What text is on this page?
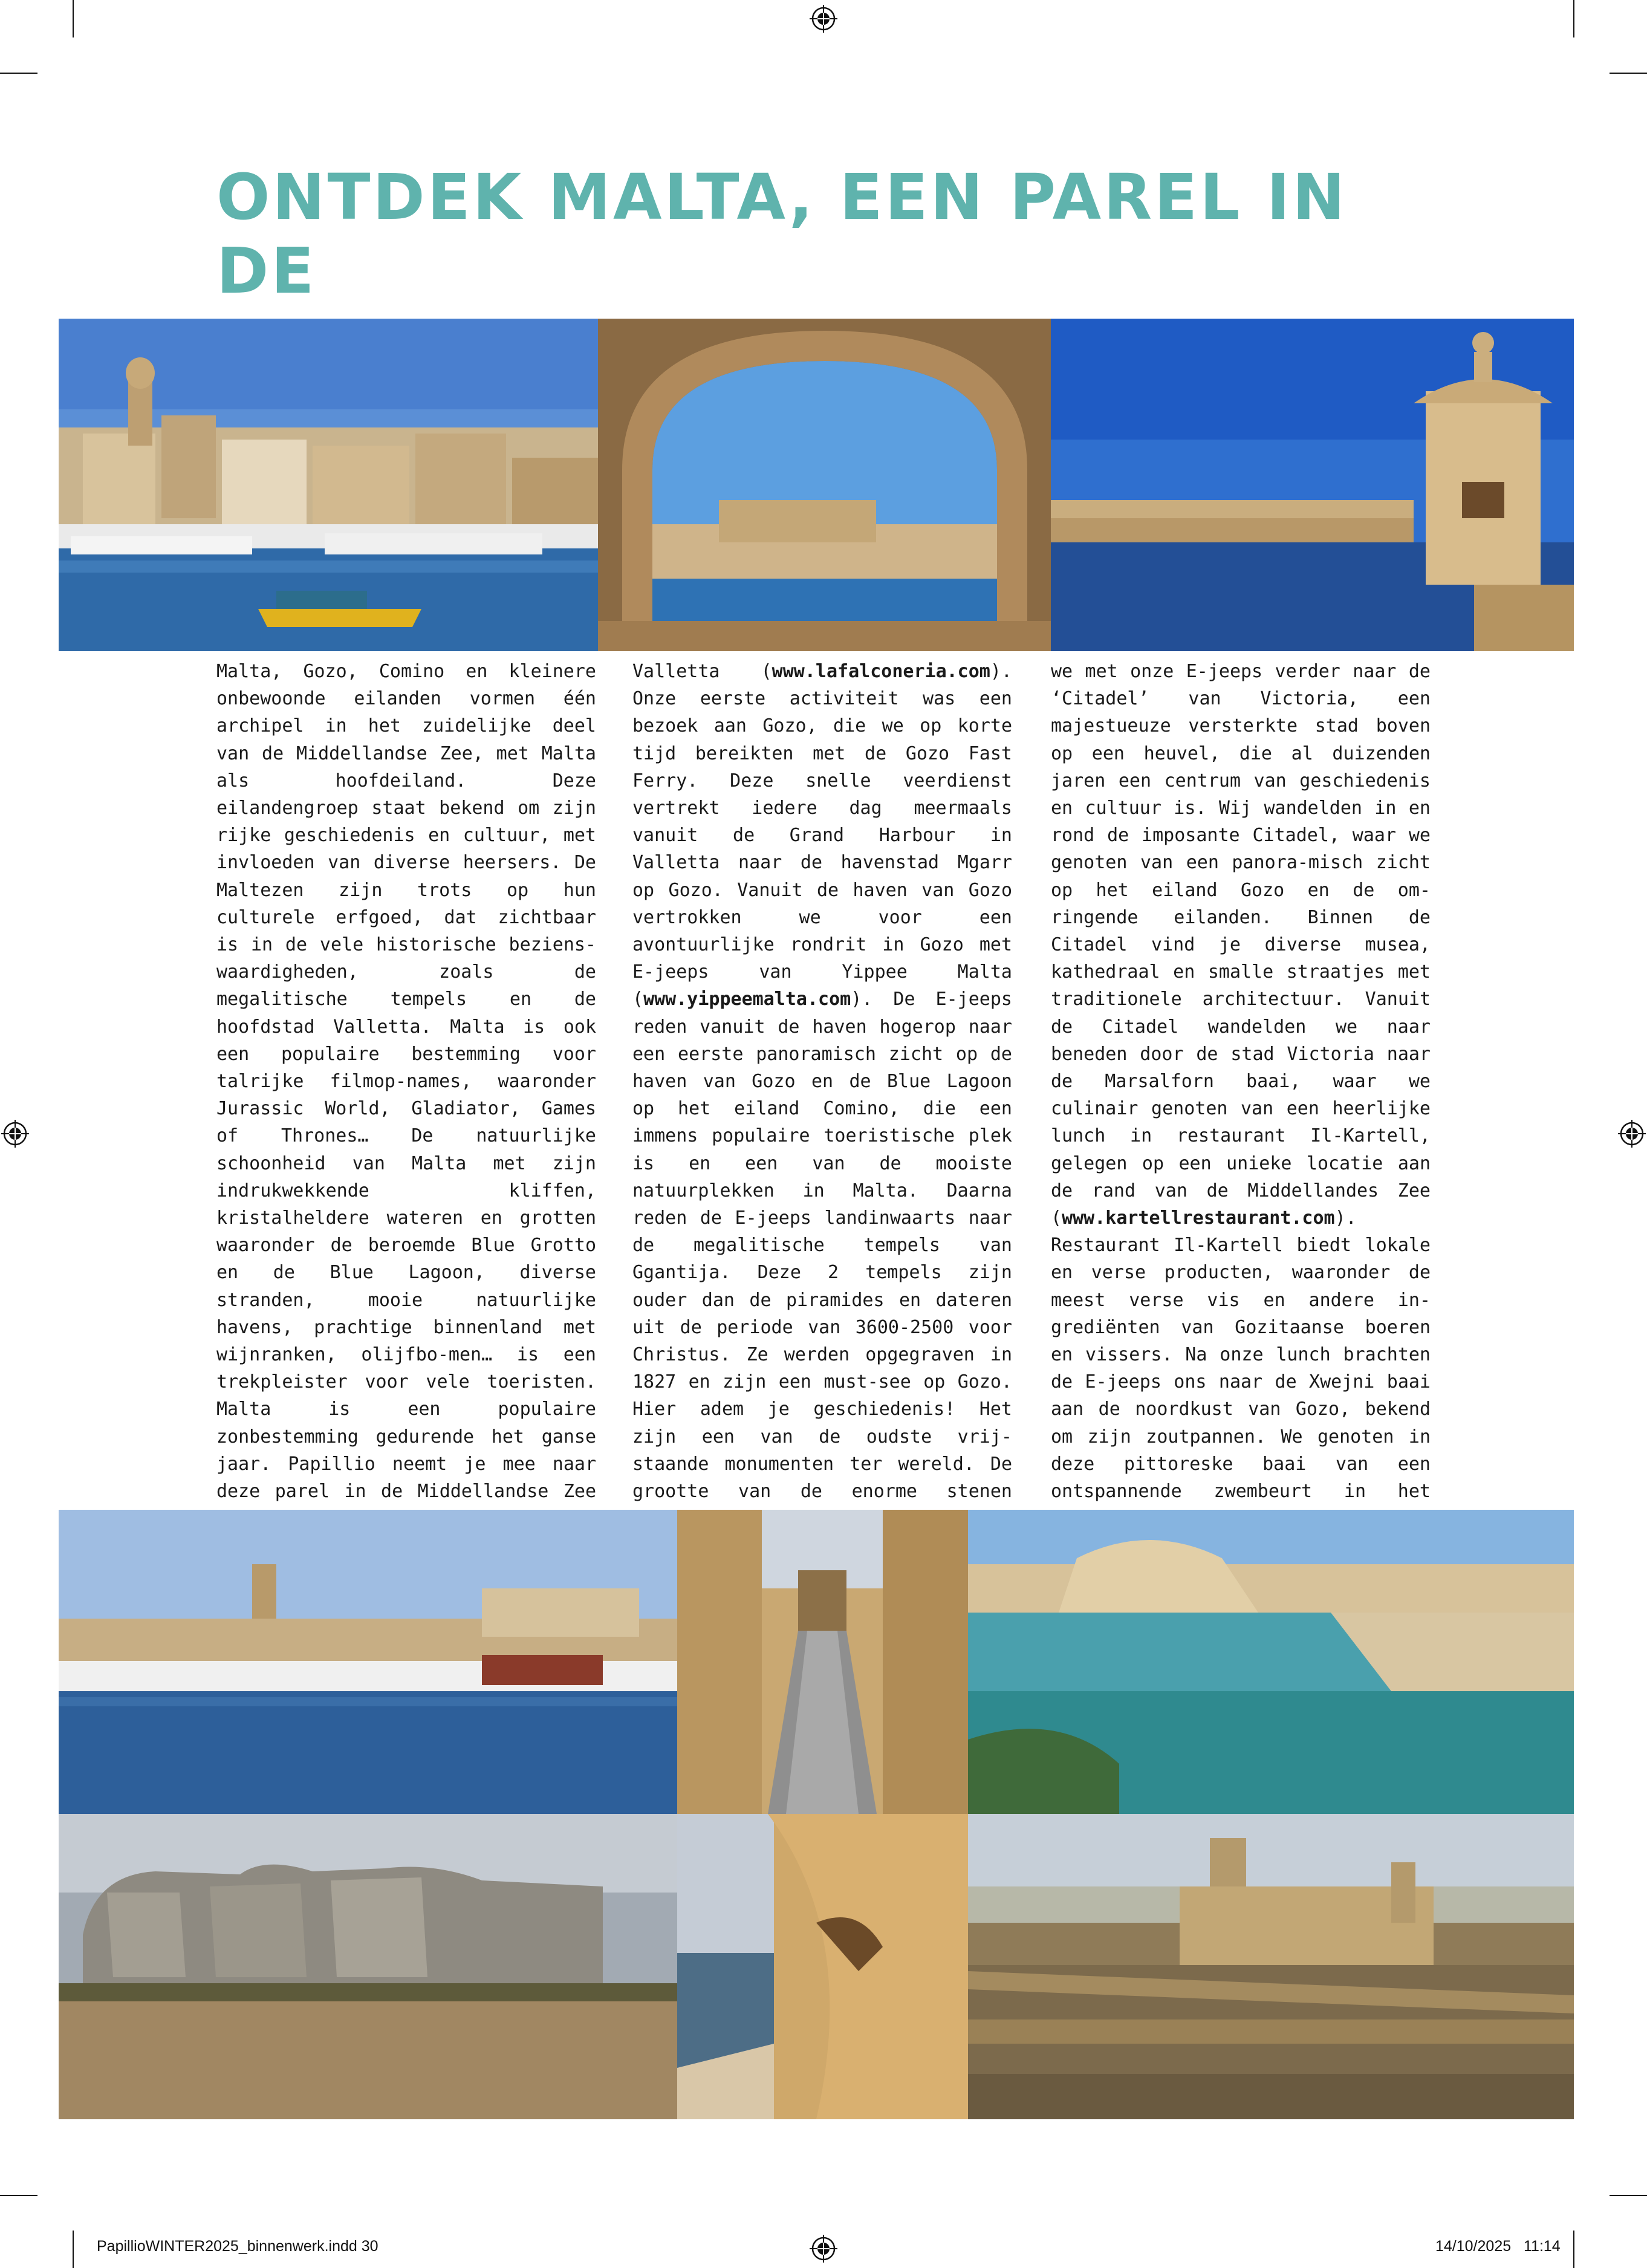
ONTDEK MALTA, EEN PAREL IN DE

Malta, Gozo, Comino en kleinere onbewoonde eilanden vormen één archipel in het zuidelijke deel van de Middellandse Zee, met Malta als hoofdeiland. Deze eilandengroep staat bekend om zijn rijke geschiedenis en cultuur, met invloeden van diverse heersers. De Maltezen zijn trots op hun culturele erfgoed, dat zichtbaar is in de vele historische beziens-waardigheden, zoals de megalitische tempels en de hoofdstad Valletta. Malta is ook een populaire bestemming voor talrijke filmop-names, waaronder Jurassic World, Gladiator, Games of Thrones… De natuurlijke schoonheid van Malta met zijn indrukwekkende kliffen, kristalheldere wateren en grotten waaronder de beroemde Blue Grotto en de Blue Lagoon, diverse stranden, mooie natuurlijke havens, prachtige binnenland met wijnranken, olijfbo-men… is een trekpleister voor vele toeristen. Malta is een populaire zonbestemming gedurende het ganse jaar. Papillio neemt je mee naar deze parel in de Middellandse Zee

Valletta (www.lafalconeria.com). Onze eerste activiteit was een bezoek aan Gozo, die we op korte tijd bereikten met de Gozo Fast Ferry. Deze snelle veerdienst vertrekt iedere dag meermaals vanuit de Grand Harbour in Valletta naar de havenstad Mgarr op Gozo. Vanuit de haven van Gozo vertrokken we voor een avontuurlijke rondrit in Gozo met E-jeeps van Yippee Malta (www.yippeemalta.com). De E-jeeps reden vanuit de haven hogerop naar een eerste panoramisch zicht op de haven van Gozo en de Blue Lagoon op het eiland Comino, die een immens populaire toeristische plek is en een van de mooiste natuurplekken in Malta. Daarna reden de E-jeeps landinwaarts naar de megalitische tempels van Ggantija. Deze 2 tempels zijn ouder dan de piramides en dateren uit de periode van 3600-2500 voor Christus. Ze werden opgegraven in 1827 en zijn een must-see op Gozo. Hier adem je geschiedenis! Het zijn een van de oudste vrij-staande monumenten ter wereld. De grootte van de enorme stenen

we met onze E-jeeps verder naar de ‘Citadel’ van Victoria, een majestueuze versterkte stad boven op een heuvel, die al duizenden jaren een centrum van geschiedenis en cultuur is. Wij wandelden in en rond de imposante Citadel, waar we genoten van een panora-misch zicht op het eiland Gozo en de om-ringende eilanden. Binnen de Citadel vind je diverse musea, kathedraal en smalle straatjes met traditionele architectuur. Vanuit de Citadel wandelden we naar beneden door de stad Victoria naar de Marsalforn baai, waar we culinair genoten van een heerlijke lunch in restaurant Il-Kartell, gelegen op een unieke locatie aan de rand van de Middellandes Zee (www.kartellrestaurant.com). Restaurant Il-Kartell biedt lokale en verse producten, waaronder de meest verse vis en andere in-grediënten van Gozitaanse boeren en vissers. Na onze lunch brachten de E-jeeps ons naar de Xwejni baai aan de noordkust van Gozo, bekend om zijn zoutpannen. We genoten in deze pittoreske baai van een ontspannende zwembeurt in het

PapillioWINTER2025_binnenwerk.indd 30	14/10/2025 11:14
